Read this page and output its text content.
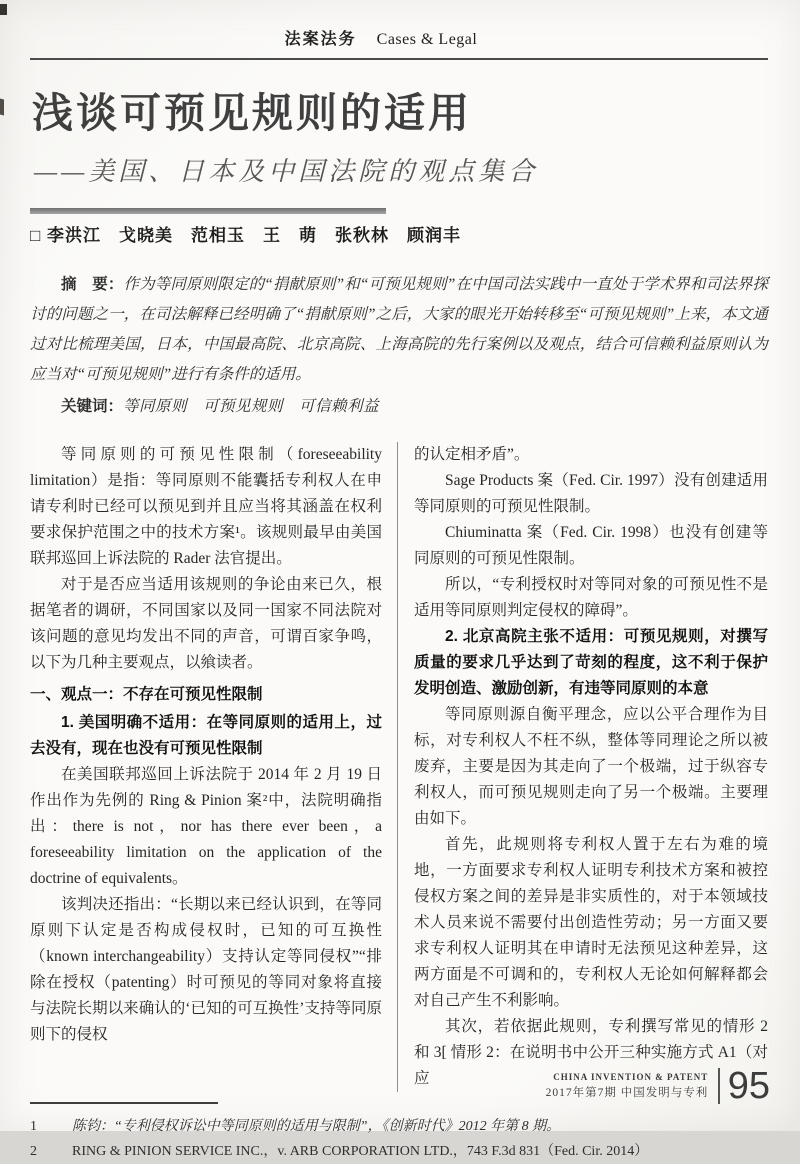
法案法务 Cases & Legal
浅谈可预见规则的适用
——美国、日本及中国法院的观点集合
□ 李洪江　戈晓美　范相玉　王　萌　张秋林　顾润丰
摘　要：作为等同原则限定的“捐献原则”和“可预见规则”在中国司法实践中一直处于学术界和司法界探讨的问题之一，在司法解释已经明确了“捐献原则”之后，大家的眼光开始转移至“可预见规则”上来，本文通过对比梳理美国，日本，中国最高院、北京高院、上海高院的先行案例以及观点，结合可信赖利益原则认为应当对“可预见规则”进行有条件的适用。
关键词：等同原则　可预见规则　可信赖利益

等同原则的可预见性限制（foreseeability limitation）是指：等同原则不能囊括专利权人在申请专利时已经可以预见到并且应当将其涵盖在权利要求保护范围之中的技术方案¹。该规则最早由美国联邦巡回上诉法院的 Rader 法官提出。

对于是否应当适用该规则的争论由来已久，根据笔者的调研，不同国家以及同一国家不同法院对该问题的意见均发出不同的声音，可谓百家争鸣，以下为几种主要观点，以飨读者。

一、观点一：不存在可预见性限制

1. 美国明确不适用：在等同原则的适用上，过去没有，现在也没有可预见性限制

在美国联邦巡回上诉法院于 2014 年 2 月 19 日作出作为先例的 Ring & Pinion 案²中，法院明确指出：there is not，nor has there ever been，a foreseeability limitation on the application of the doctrine of equivalents。

该判决还指出：“长期以来已经认识到，在等同原则下认定是否构成侵权时，已知的可互换性（known interchangeability）支持认定等同侵权”“排除在授权（patenting）时可预见的等同对象将直接与法院长期以来确认的‘已知的可互换性’支持等同原则下的侵权

的认定相矛盾”。

Sage Products 案（Fed. Cir. 1997）没有创建适用等同原则的可预见性限制。

Chiuminatta 案（Fed. Cir. 1998）也没有创建等同原则的可预见性限制。

所以，“专利授权时对等同对象的可预见性不是适用等同原则判定侵权的障碍”。

2. 北京高院主张不适用：可预见规则，对撰写质量的要求几乎达到了苛刻的程度，这不利于保护发明创造、激励创新，有违等同原则的本意

等同原则源自衡平理念，应以公平合理作为目标，对专利权人不枉不纵，整体等同理论之所以被废弃，主要是因为其走向了一个极端，过于纵容专利权人，而可预见规则走向了另一个极端。主要理由如下。

首先，此规则将专利权人置于左右为难的境地，一方面要求专利权人证明专利技术方案和被控侵权方案之间的差异是非实质性的，对于本领域技术人员来说不需要付出创造性劳动；另一方面又要求专利权人证明其在申请时无法预见这种差异，这两方面是不可调和的，专利权人无论如何解释都会对自己产生不利影响。

其次，若依据此规则，专利撰写常见的情形 2 和 3[ 情形 2：在说明书中公开三种实施方式 A1（对应

1	陈钧：“专利侵权诉讼中等同原则的适用与限制”，《创新时代》2012 年第 8 期。
2	RING & PINION SERVICE INC.，v. ARB CORPORATION LTD.，743 F.3d 831（Fed. Cir. 2014）
CHINA INVENTION & PATENT
2017年第7期 中国发明与专利 95
